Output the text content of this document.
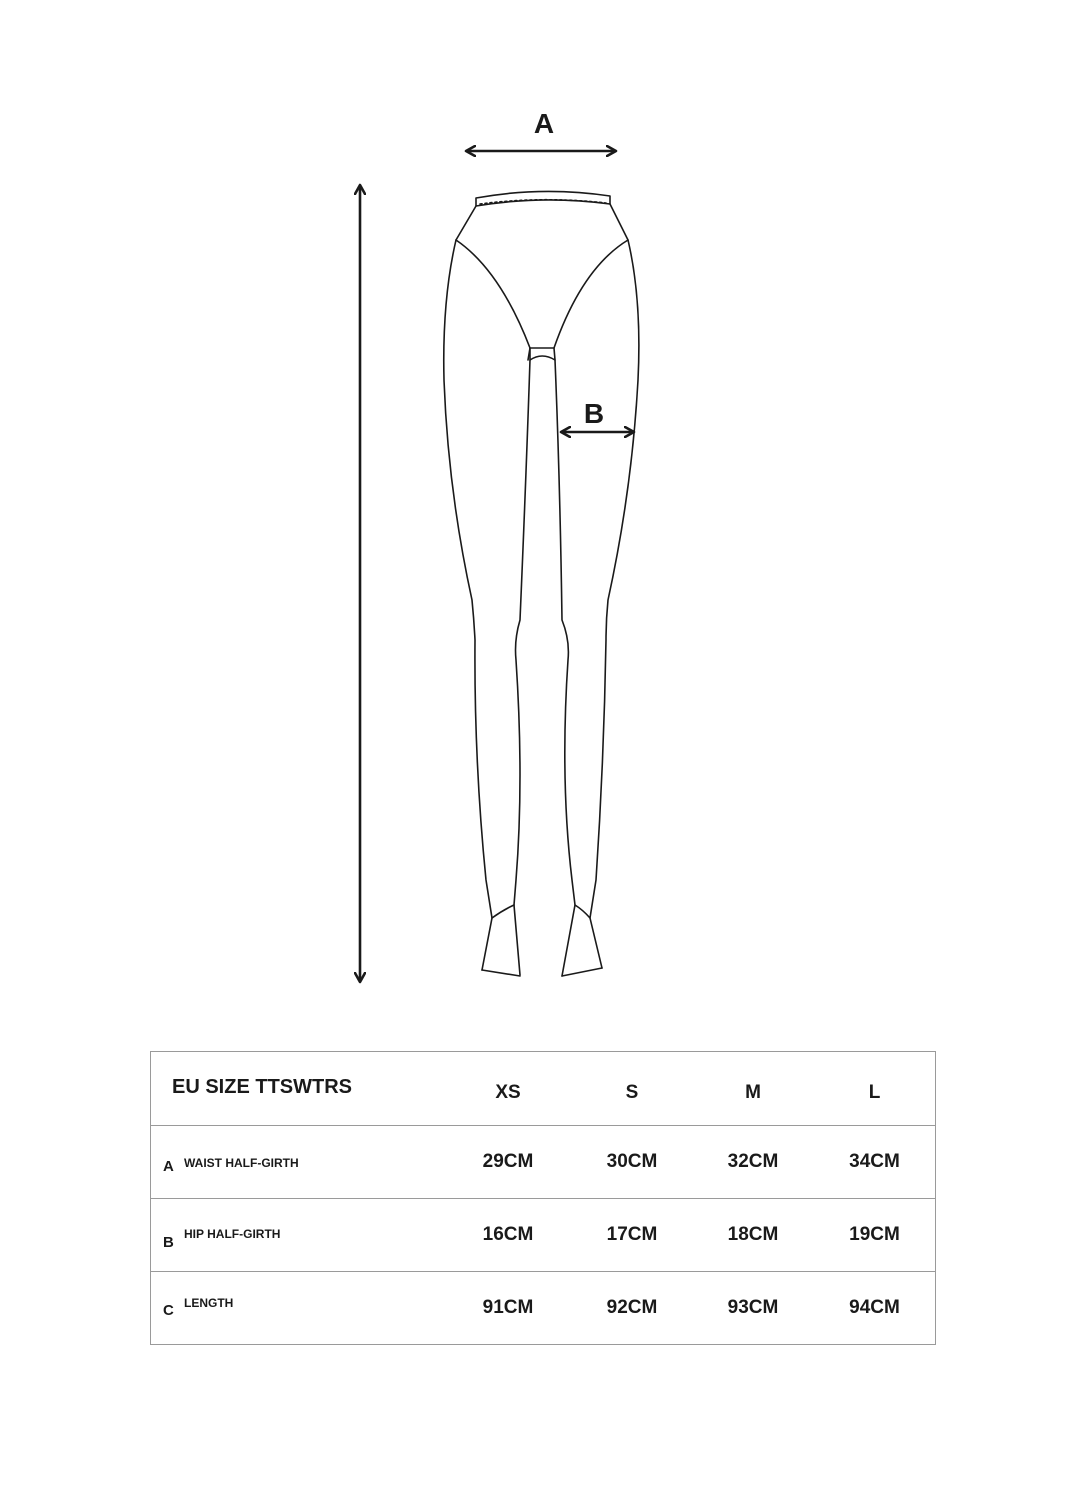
A
B
EU SIZE TTSWTRS	XS	S	M	L

A WAIST HALF-GIRTH	29CM	30CM	32CM	34CM

B HIP HALF-GIRTH	16CM	17CM	18CM	19CM

C LENGTH	91CM	92CM	93CM	94CM
